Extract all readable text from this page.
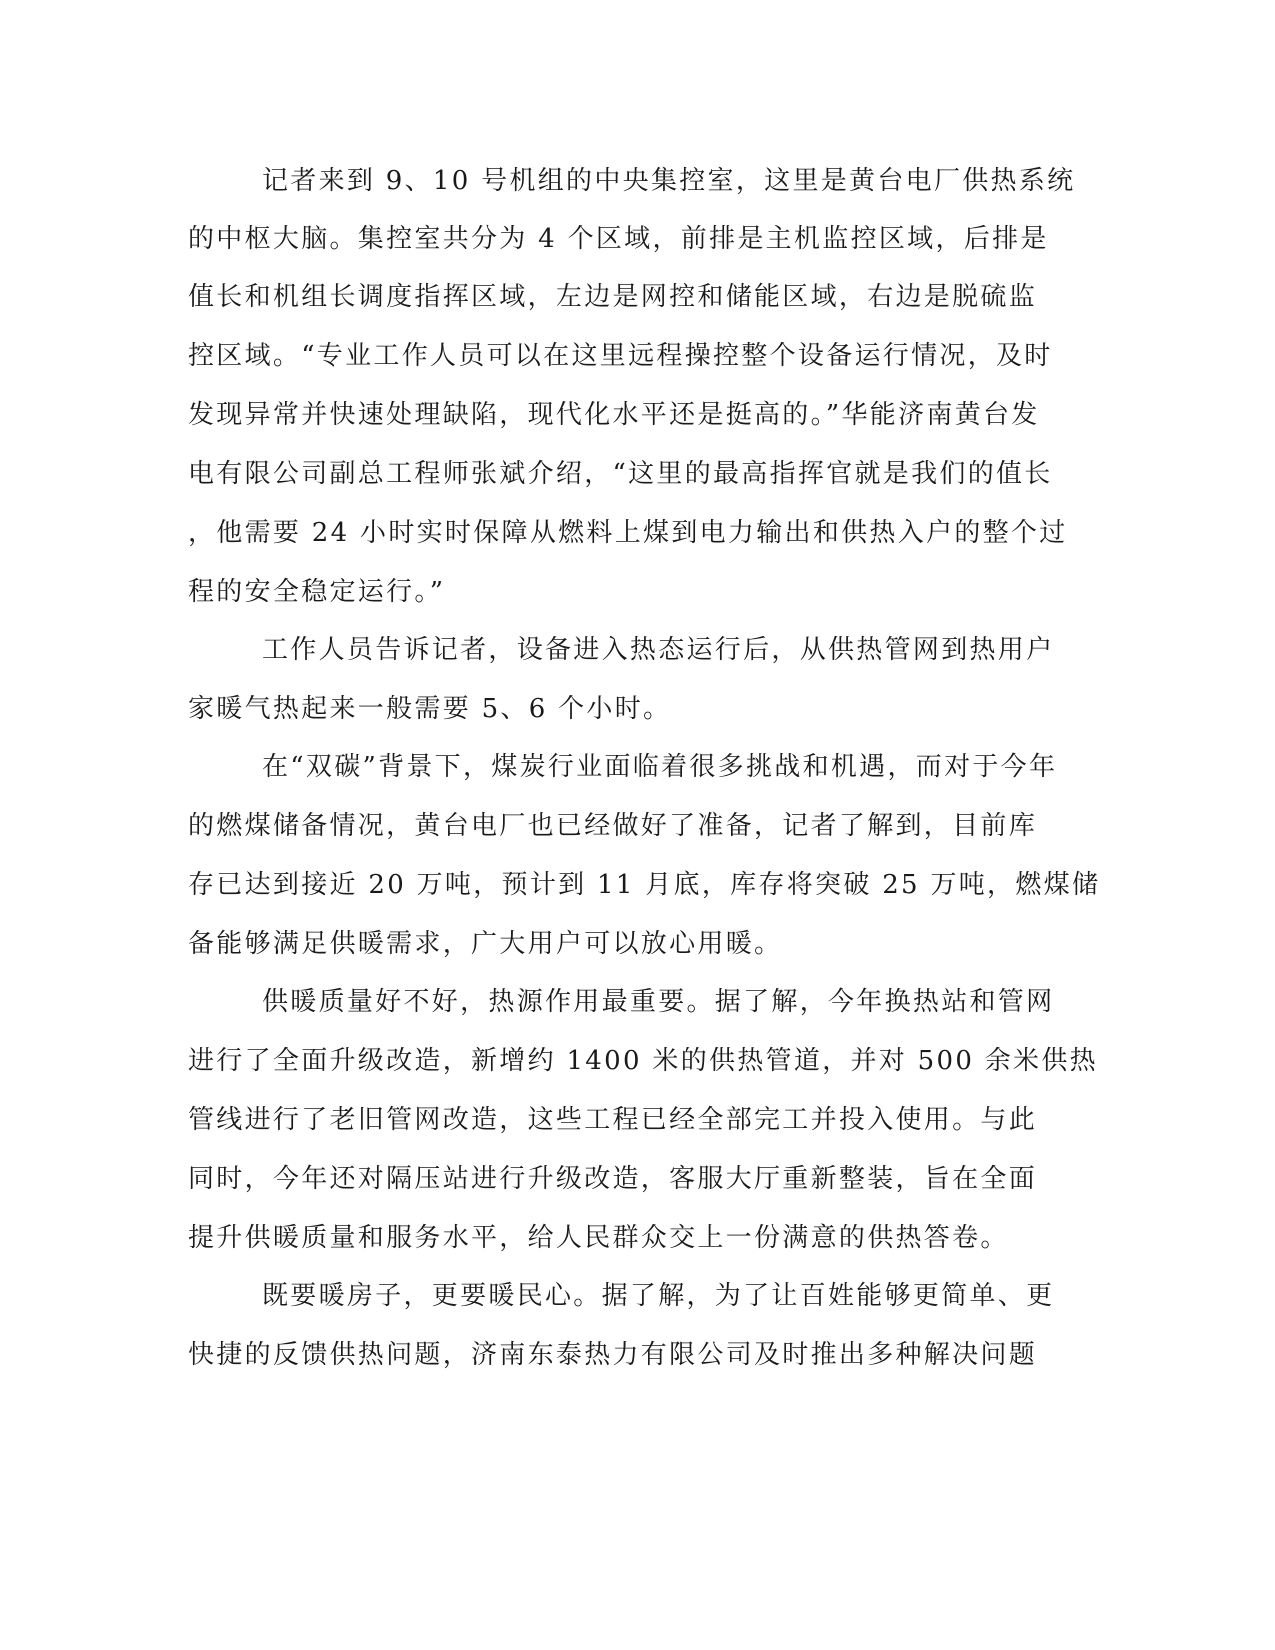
记者来到 9、10 号机组的中央集控室，这里是黄台电厂供热系统
的中枢大脑。集控室共分为 4 个区域，前排是主机监控区域，后排是
值长和机组长调度指挥区域，左边是网控和储能区域，右边是脱硫监
控区域。“专业工作人员可以在这里远程操控整个设备运行情况，及时
发现异常并快速处理缺陷，现代化水平还是挺高的。”华能济南黄台发
电有限公司副总工程师张斌介绍，“这里的最高指挥官就是我们的值长
，他需要 24 小时实时保障从燃料上煤到电力输出和供热入户的整个过
程的安全稳定运行。”
工作人员告诉记者，设备进入热态运行后，从供热管网到热用户
家暖气热起来一般需要 5、6 个小时。
在“双碳”背景下，煤炭行业面临着很多挑战和机遇，而对于今年
的燃煤储备情况，黄台电厂也已经做好了准备，记者了解到，目前库
存已达到接近 20 万吨，预计到 11 月底，库存将突破 25 万吨，燃煤储
备能够满足供暖需求，广大用户可以放心用暖。
供暖质量好不好，热源作用最重要。据了解，今年换热站和管网
进行了全面升级改造，新增约 1400 米的供热管道，并对 500 余米供热
管线进行了老旧管网改造，这些工程已经全部完工并投入使用。与此
同时，今年还对隔压站进行升级改造，客服大厅重新整装，旨在全面
提升供暖质量和服务水平，给人民群众交上一份满意的供热答卷。
既要暖房子，更要暖民心。据了解，为了让百姓能够更简单、更
快捷的反馈供热问题，济南东泰热力有限公司及时推出多种解决问题
